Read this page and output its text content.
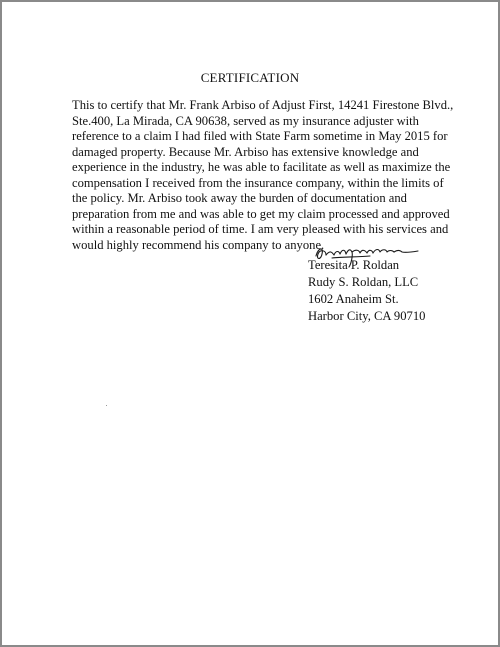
CERTIFICATION

This to certify that Mr. Frank Arbiso of Adjust First, 14241 Firestone Blvd.,
Ste.400, La Mirada, CA 90638, served as my insurance adjuster with
reference to a claim I had filed with State Farm sometime in May 2015 for
damaged property. Because Mr. Arbiso has extensive knowledge and
experience in the industry, he was able to facilitate as well as maximize the
compensation I received from the insurance company, within the limits of
the policy. Mr. Arbiso took away the burden of documentation and
preparation from me and was able to get my claim processed and approved
within a reasonable period of time. I am very pleased with his services and
would highly recommend his company to anyone.

Teresita P. Roldan
Rudy S. Roldan, LLC
1602 Anaheim St.
Harbor City, CA 90710
